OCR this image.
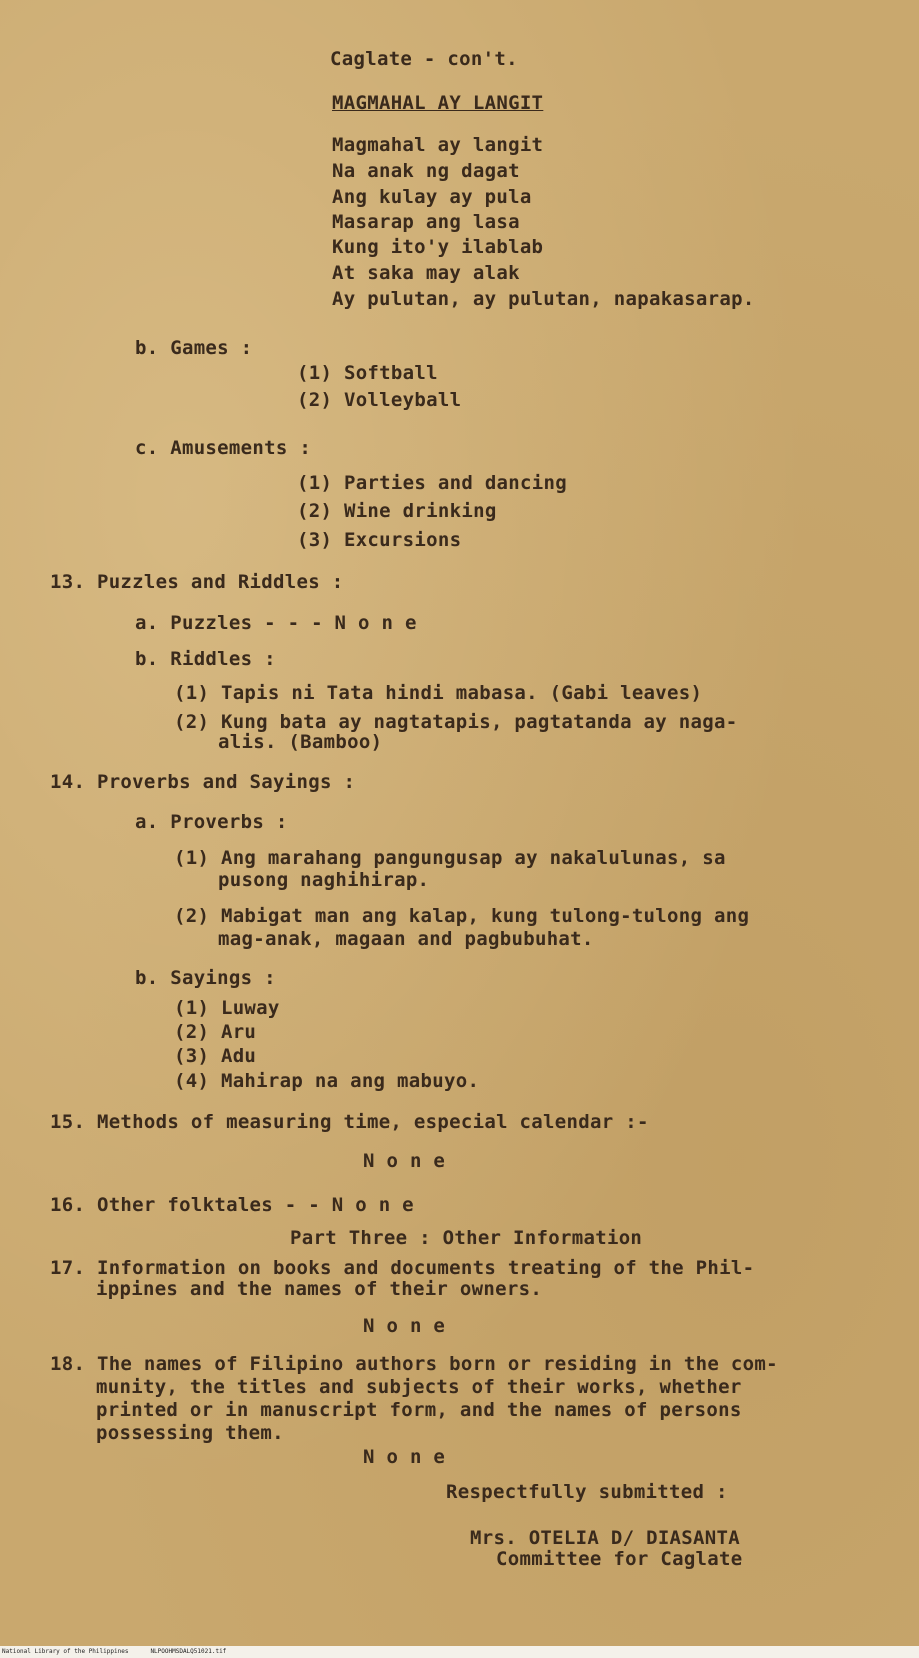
Caglate - con't.
MAGMAHAL AY LANGIT
Magmahal ay langit
Na anak ng dagat
Ang kulay ay pula
Masarap ang lasa
Kung ito'y ilablab
At saka may alak
Ay pulutan, ay pulutan, napakasarap.
b. Games :
(1) Softball
(2) Volleyball
c. Amusements :
(1) Parties and dancing
(2) Wine drinking
(3) Excursions
13. Puzzles and Riddles :
a. Puzzles - - - N o n e
b. Riddles :
(1) Tapis ni Tata hindi mabasa. (Gabi leaves)
(2) Kung bata ay nagtatapis, pagtatanda ay naga-
alis. (Bamboo)
14. Proverbs and Sayings :
a. Proverbs :
(1) Ang marahang pangungusap ay nakalulunas, sa
pusong naghihirap.
(2) Mabigat man ang kalap, kung tulong-tulong ang
mag-anak, magaan and pagbubuhat.
b. Sayings :
(1) Luway
(2) Aru
(3) Adu
(4) Mahirap na ang mabuyo.
15. Methods of measuring time, especial calendar :-
N o n e
16. Other folktales - - N o n e
Part Three : Other Information
17. Information on books and documents treating of the Phil-
ippines and the names of their owners.
N o n e
18. The names of Filipino authors born or residing in the com-
munity, the titles and subjects of their works, whether
printed or in manuscript form, and the names of persons
possessing them.
N o n e
Respectfully submitted :
Mrs. OTELIA D/ DIASANTA
Committee for Caglate
National Library of the Philippines	NLPOOHMSDALQ51021.tif
